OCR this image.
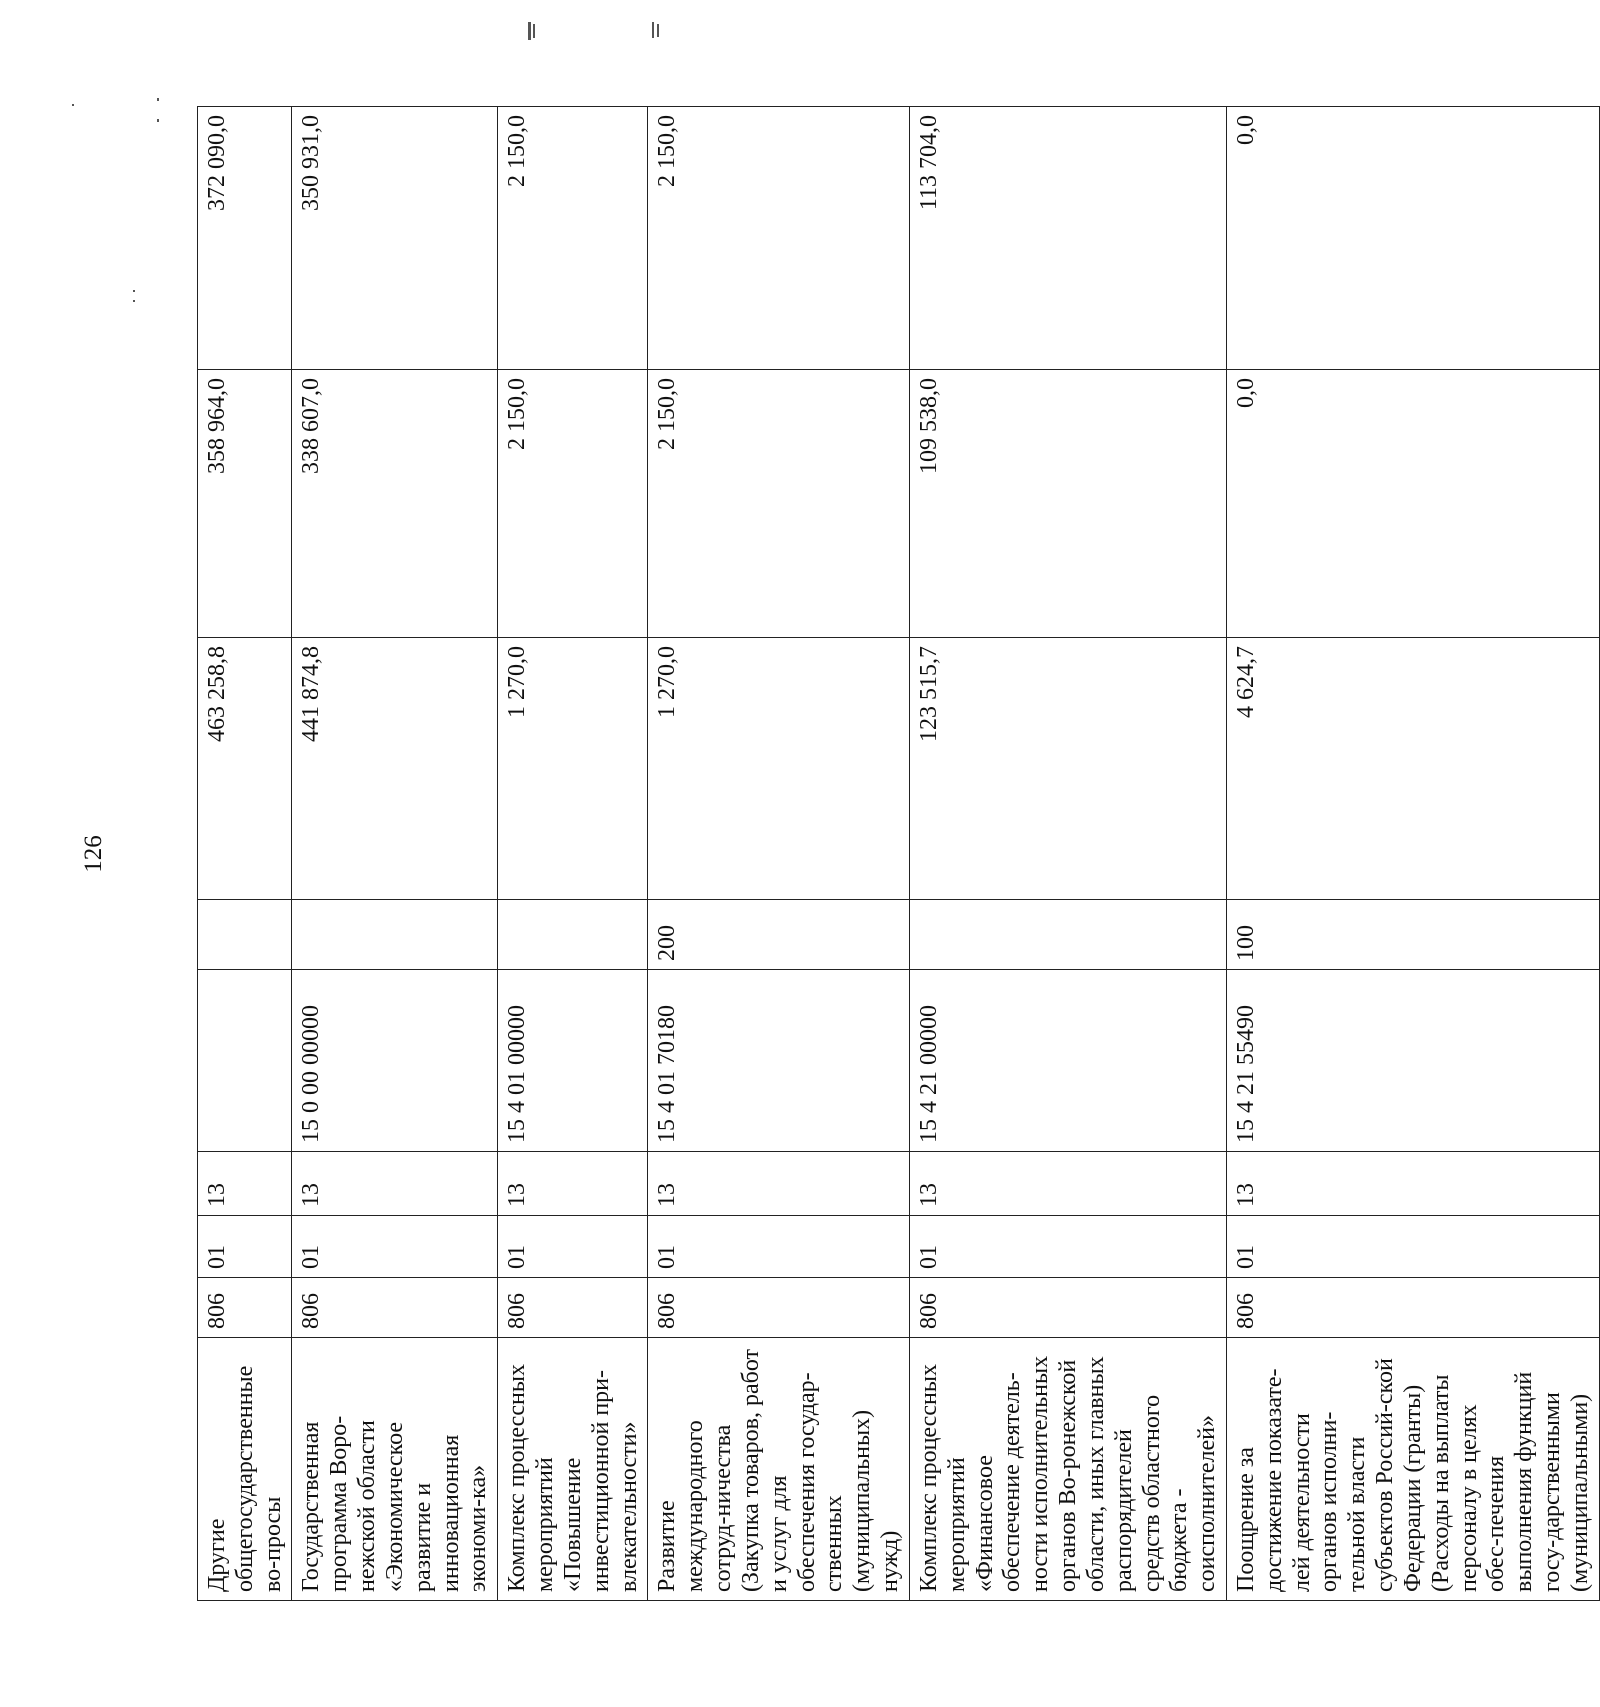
126
Другие общегосударственные во-просы	806	01	13			463 258,8	358 964,0	372 090,0
Государственная программа Воро-нежской области «Экономическое развитие и инновационная экономи-ка»	806	01	13	15 0 00 00000		441 874,8	338 607,0	350 931,0
Комплекс процессных мероприятий «Повышение инвестиционной при-влекательности»	806	01	13	15 4 01 00000		1 270,0	2 150,0	2 150,0
Развитие международного сотруд-ничества (Закупка товаров, работ и услуг для обеспечения государ-ственных (муниципальных) нужд)	806	01	13	15 4 01 70180	200	1 270,0	2 150,0	2 150,0
Комплекс процессных мероприятий «Финансовое обеспечение деятель-ности исполнительных органов Во-ронежской области, иных главных распорядителей средств областного бюджета - соисполнителей»	806	01	13	15 4 21 00000		123 515,7	109 538,0	113 704,0
Поощрение за достижение показате-лей деятельности органов исполни-тельной власти субъектов Россий-ской Федерации (гранты) (Расходы на выплаты персоналу в целях обес-печения выполнения функций госу-дарственными (муниципальными)	806	01	13	15 4 21 55490	100	4 624,7	0,0	0,0
